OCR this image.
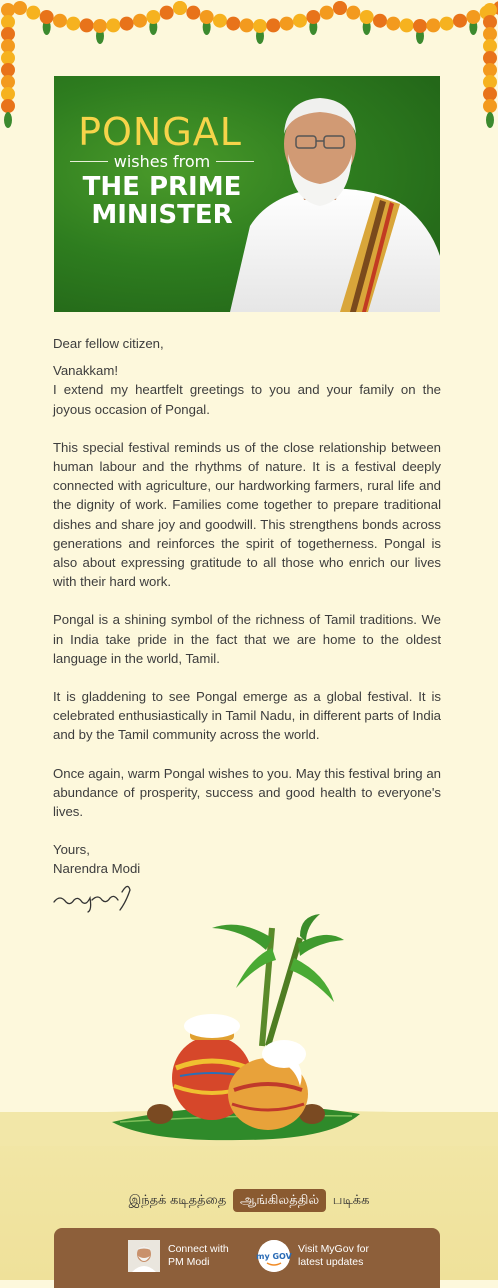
PONGAL
wishes from
THE PRIME
MINISTER

Dear fellow citizen,

Vanakkam!

I extend my heartfelt greetings to you and your family on the joyous occasion of Pongal.

This special festival reminds us of the close relationship between human labour and the rhythms of nature. It is a festival deeply connected with agriculture, our hardworking farmers, rural life and the dignity of work. Families come together to prepare traditional dishes and share joy and goodwill. This strengthens bonds across generations and reinforces the spirit of togetherness. Pongal is also about expressing gratitude to all those who enrich our lives with their hard work.

Pongal is a shining symbol of the richness of Tamil traditions. We in India take pride in the fact that we are home to the oldest language in the world, Tamil.

It is gladdening to see Pongal emerge as a global festival. It is celebrated enthusiastically in Tamil Nadu, in different parts of India and by the Tamil community across the world.

Once again, warm Pongal wishes to you. May this festival bring an abundance of prosperity, success and good health to everyone's lives.

Yours,

Narendra Modi

இந்தக் கடிதத்தை ஆங்கிலத்தில் படிக்க
Connect with
PM Modi	my GOV
Visit MyGov for
latest updates
